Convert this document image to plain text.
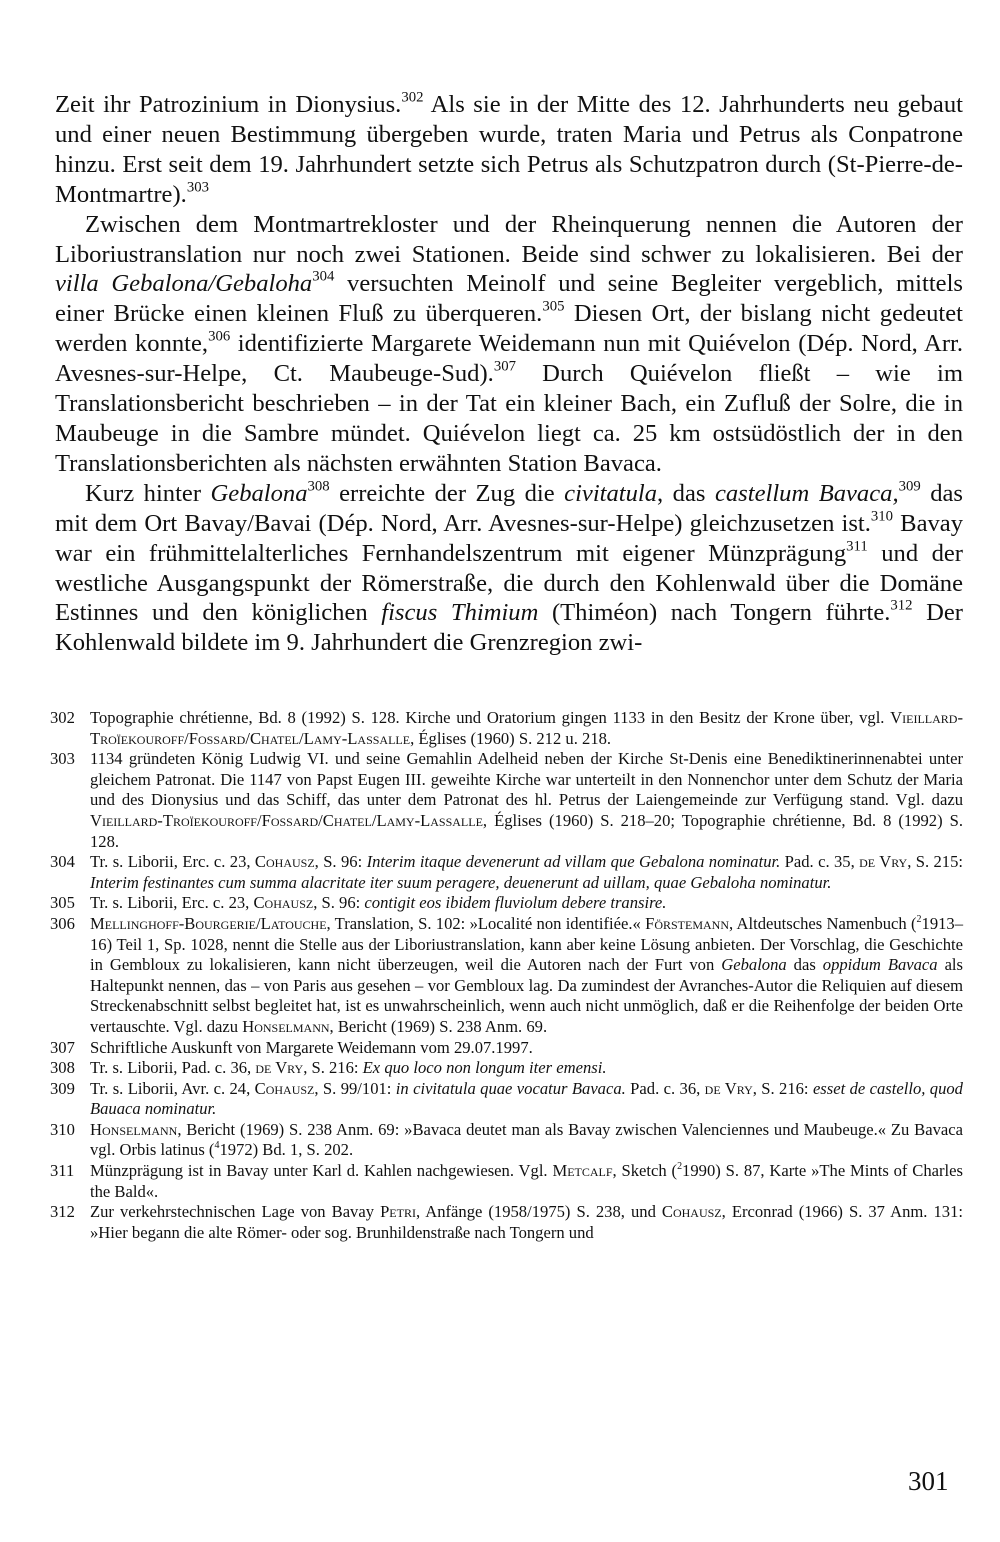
Zeit ihr Patrozinium in Dionysius.$^{302}$ Als sie in der Mitte des 12. Jahrhunderts neu gebaut und einer neuen Bestimmung übergeben wurde, traten Maria und Petrus als Conpatrone hinzu. Erst seit dem 19. Jahrhundert setzte sich Petrus als Schutzpatron durch (St-Pierre-de-Montmartre).$^{303}$

Zwischen dem Montmartrekloster und der Rheinquerung nennen die Autoren der Liboriustranslation nur noch zwei Stationen. Beide sind schwer zu lokalisieren. Bei der villa Gebalona/Gebaloha$^{304}$ versuchten Meinolf und seine Begleiter vergeblich, mittels einer Brücke einen kleinen Fluß zu überqueren.$^{305}$ Diesen Ort, der bislang nicht gedeutet werden konnte,$^{306}$ identifizierte Margarete Weidemann nun mit Quiévelon (Dép. Nord, Arr. Avesnes-sur-Helpe, Ct. Maubeuge-Sud).$^{307}$ Durch Quiévelon fließt – wie im Translationsbericht beschrieben – in der Tat ein kleiner Bach, ein Zufluß der Solre, die in Maubeuge in die Sambre mündet. Quiévelon liegt ca. 25 km ostsüdöstlich der in den Translationsberichten als nächsten erwähnten Station Bavaca.

Kurz hinter Gebalona$^{308}$ erreichte der Zug die civitatula, das castellum Bavaca,$^{309}$ das mit dem Ort Bavay/Bavai (Dép. Nord, Arr. Avesnes-sur-Helpe) gleichzusetzen ist.$^{310}$ Bavay war ein frühmittelalterliches Fernhandelszentrum mit eigener Münzprägung$^{311}$ und der westliche Ausgangspunkt der Römerstraße, die durch den Kohlenwald über die Domäne Estinnes und den königlichen fiscus Thimium (Thiméon) nach Tongern führte.$^{312}$ Der Kohlenwald bildete im 9. Jahrhundert die Grenzregion zwi-

302 Topographie chrétienne, Bd. 8 (1992) S. 128. Kirche und Oratorium gingen 1133 in den Besitz der Krone über, vgl. Vieillard-Troïekouroff/Fossard/Chatel/Lamy-Lassalle, Églises (1960) S. 212 u. 218.

303 1134 gründeten König Ludwig VI. und seine Gemahlin Adelheid neben der Kirche St-Denis eine Benediktinerinnenabtei unter gleichem Patronat. Die 1147 von Papst Eugen III. geweihte Kirche war unterteilt in den Nonnenchor unter dem Schutz der Maria und des Dionysius und das Schiff, das unter dem Patronat des hl. Petrus der Laiengemeinde zur Verfügung stand. Vgl. dazu Vieillard-Troïekouroff/Fossard/Chatel/Lamy-Lassalle, Églises (1960) S. 218–20; Topographie chrétienne, Bd. 8 (1992) S. 128.

304 Tr. s. Liborii, Erc. c. 23, Cohausz, S. 96: Interim itaque devenerunt ad villam que Gebalona nominatur. Pad. c. 35, de Vry, S. 215: Interim festinantes cum summa alacritate iter suum peragere, deuenerunt ad uillam, quae Gebaloha nominatur.

305 Tr. s. Liborii, Erc. c. 23, Cohausz, S. 96: contigit eos ibidem fluviolum debere transire.

306 Mellinghoff-Bourgerie/Latouche, Translation, S. 102: »Localité non identifiée.« Förstemann, Altdeutsches Namenbuch ($^2$1913–16) Teil 1, Sp. 1028, nennt die Stelle aus der Liboriustranslation, kann aber keine Lösung anbieten. Der Vorschlag, die Geschichte in Gembloux zu lokalisieren, kann nicht überzeugen, weil die Autoren nach der Furt von Gebalona das oppidum Bavaca als Haltepunkt nennen, das – von Paris aus gesehen – vor Gembloux lag. Da zumindest der Avranches-Autor die Reliquien auf diesem Streckenabschnitt selbst begleitet hat, ist es unwahrscheinlich, wenn auch nicht unmöglich, daß er die Reihenfolge der beiden Orte vertauschte. Vgl. dazu Honselmann, Bericht (1969) S. 238 Anm. 69.

307 Schriftliche Auskunft von Margarete Weidemann vom 29.07.1997.

308 Tr. s. Liborii, Pad. c. 36, de Vry, S. 216: Ex quo loco non longum iter emensi.

309 Tr. s. Liborii, Avr. c. 24, Cohausz, S. 99/101: in civitatula quae vocatur Bavaca. Pad. c. 36, de Vry, S. 216: esset de castello, quod Bauaca nominatur.

310 Honselmann, Bericht (1969) S. 238 Anm. 69: »Bavaca deutet man als Bavay zwischen Valenciennes und Maubeuge.« Zu Bavaca vgl. Orbis latinus ($^4$1972) Bd. 1, S. 202.

311 Münzprägung ist in Bavay unter Karl d. Kahlen nachgewiesen. Vgl. Metcalf, Sketch ($^2$1990) S. 87, Karte »The Mints of Charles the Bald«.

312 Zur verkehrstechnischen Lage von Bavay Petri, Anfänge (1958/1975) S. 238, und Cohausz, Erconrad (1966) S. 37 Anm. 131: »Hier begann die alte Römer- oder sog. Brunhildenstraße nach Tongern und

301
